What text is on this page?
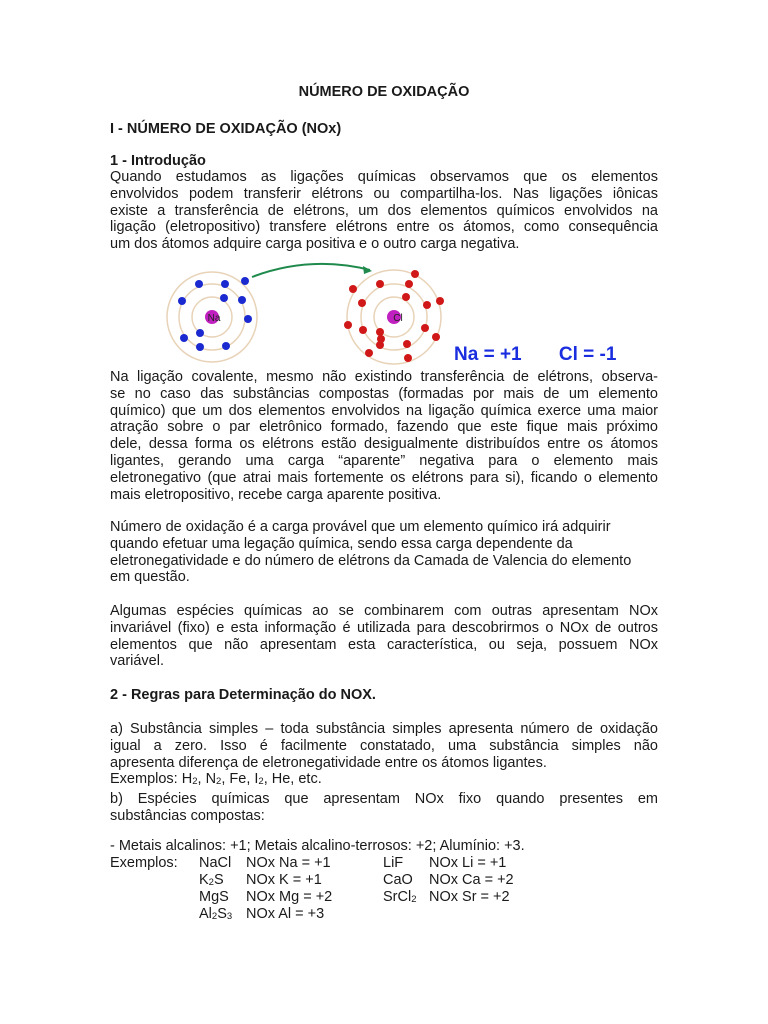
NÚMERO DE OXIDAÇÃO
I - NÚMERO DE OXIDAÇÃO (NOx)
1 - Introdução
Quando estudamos as ligações químicas observamos que os elementos
envolvidos podem transferir elétrons ou compartilha-los. Nas ligações iônicas
existe a transferência de elétrons, um dos elementos químicos envolvidos na
ligação (eletropositivo) transfere elétrons entre os átomos, como consequência
um dos átomos adquire carga positiva e o outro carga negativa.
Na	Cl
Na = +1 Cl = -1
Na ligação covalente, mesmo não existindo transferência de elétrons, observa-
se no caso das substâncias compostas (formadas por mais de um elemento
químico) que um dos elementos envolvidos na ligação química exerce uma maior
atração sobre o par eletrônico formado, fazendo que este fique mais próximo
dele, dessa forma os elétrons estão desigualmente distribuídos entre os átomos
ligantes, gerando uma carga “aparente” negativa para o elemento mais
eletronegativo (que atrai mais fortemente os elétrons para si), ficando o elemento
mais eletropositivo, recebe carga aparente positiva.
Número de oxidação é a carga provável que um elemento químico irá adquirir
quando efetuar uma legação química, sendo essa carga dependente da
eletronegatividade e do número de elétrons da Camada de Valencia do elemento
em questão.
Algumas espécies químicas ao se combinarem com outras apresentam NOx
invariável (fixo) e esta informação é utilizada para descobrirmos o NOx de outros
elementos que não apresentam esta característica, ou seja, possuem NOx
variável.
2 - Regras para Determinação do NOX.
a) Substância simples – toda substância simples apresenta número de oxidação
igual a zero. Isso é facilmente constatado, uma substância simples não
apresenta diferença de eletronegatividade entre os átomos ligantes.
Exemplos: $H_2$, $N_2$, Fe, $I_2$, He, etc.
b) Espécies químicas que apresentam NOx fixo quando presentes em
substâncias compostas:
- Metais alcalinos: +1; Metais alcalino-terrosos: +2; Alumínio: +3.
Exemplos: NaCl NOx Na = +1	LiF NOx Li = +1
$K_2S$ NOx K = +1	CaO NOx Ca = +2
MgS NOx Mg = +2	SrCl$_2$ NOx Sr = +2
$Al_2S_3$ NOx Al = +3
